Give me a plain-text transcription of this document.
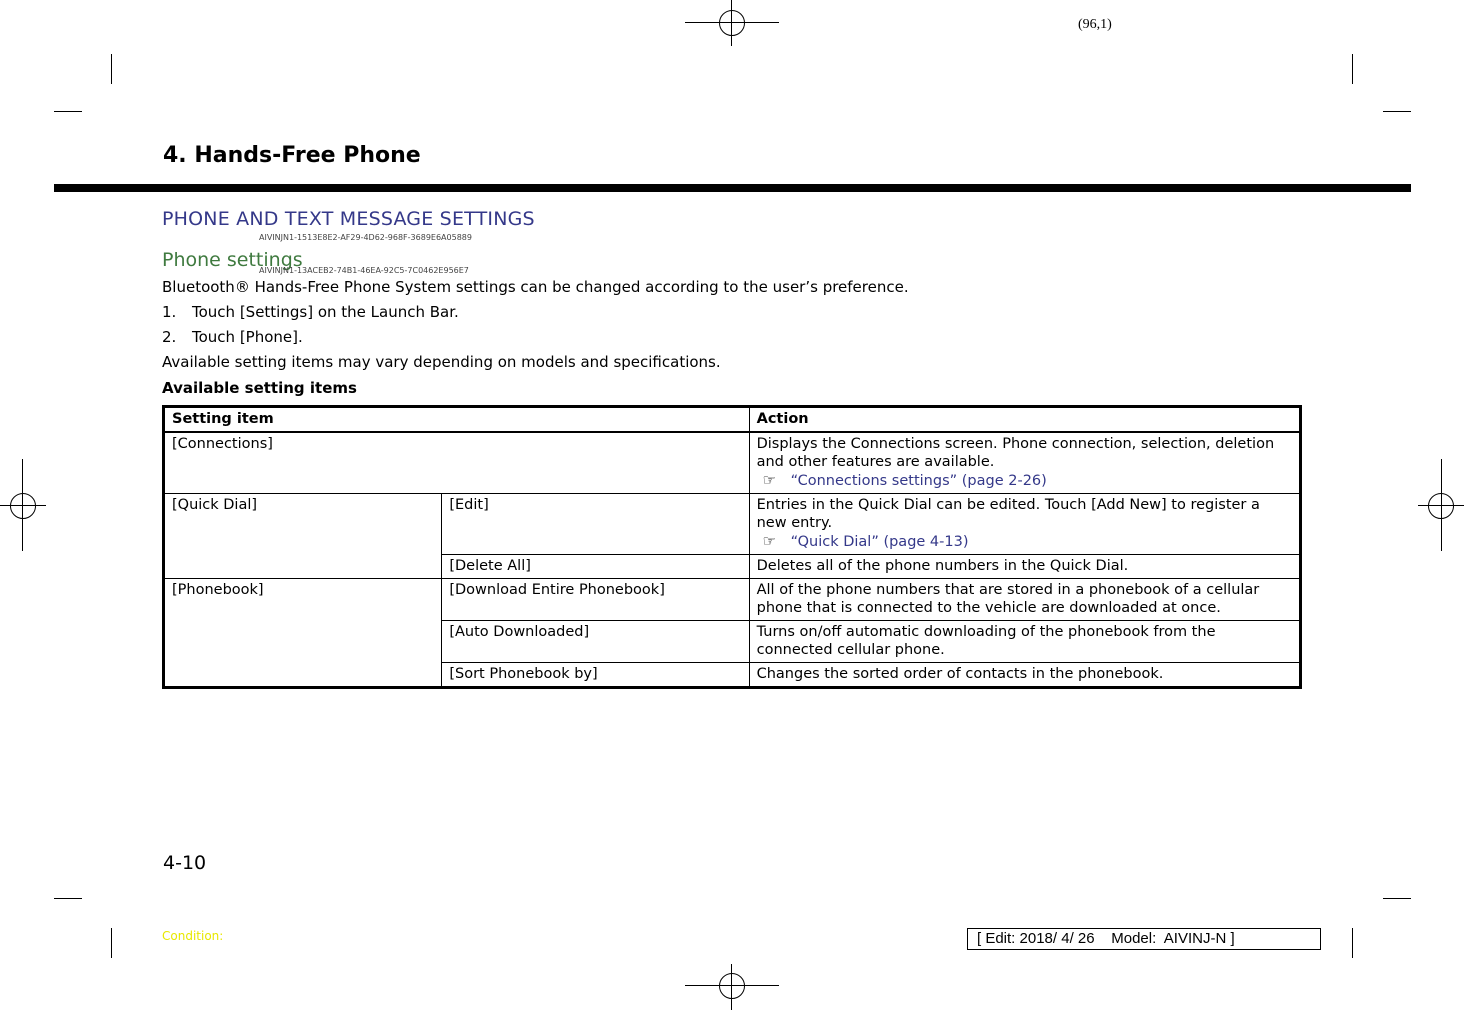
(96,1)
4. Hands-Free Phone
PHONE AND TEXT MESSAGE SETTINGS
AIVINJN1-1513E8E2-AF29-4D62-968F-3689E6A05889
Phone settings
AIVINJN1-13ACEB2-74B1-46EA-92C5-7C0462E956E7
Bluetooth® Hands-Free Phone System settings can be changed according to the user’s preference.
1. Touch [Settings] on the Launch Bar.
2. Touch [Phone].
Available setting items may vary depending on models and specifications.
Available setting items
Setting item		Action
[Connections]		Displays the Connections screen. Phone connection, selection, deletion and other features are available.
☞ “Connections settings” (page 2-26)

[Quick Dial]	[Edit]	Entries in the Quick Dial can be edited. Touch [Add New] to register a new entry.
☞ “Quick Dial” (page 4-13)

	[Delete All]	Deletes all of the phone numbers in the Quick Dial.
[Phonebook]	[Download Entire Phonebook]	All of the phone numbers that are stored in a phonebook of a cellular phone that is connected to the vehicle are downloaded at once.
	[Auto Downloaded]	Turns on/off automatic downloading of the phonebook from the connected cellular phone.
	[Sort Phonebook by]	Changes the sorted order of contacts in the phonebook.
4-10
Condition:	[ Edit: 2018/ 4/ 26    Model:  AIVINJ-N ]
